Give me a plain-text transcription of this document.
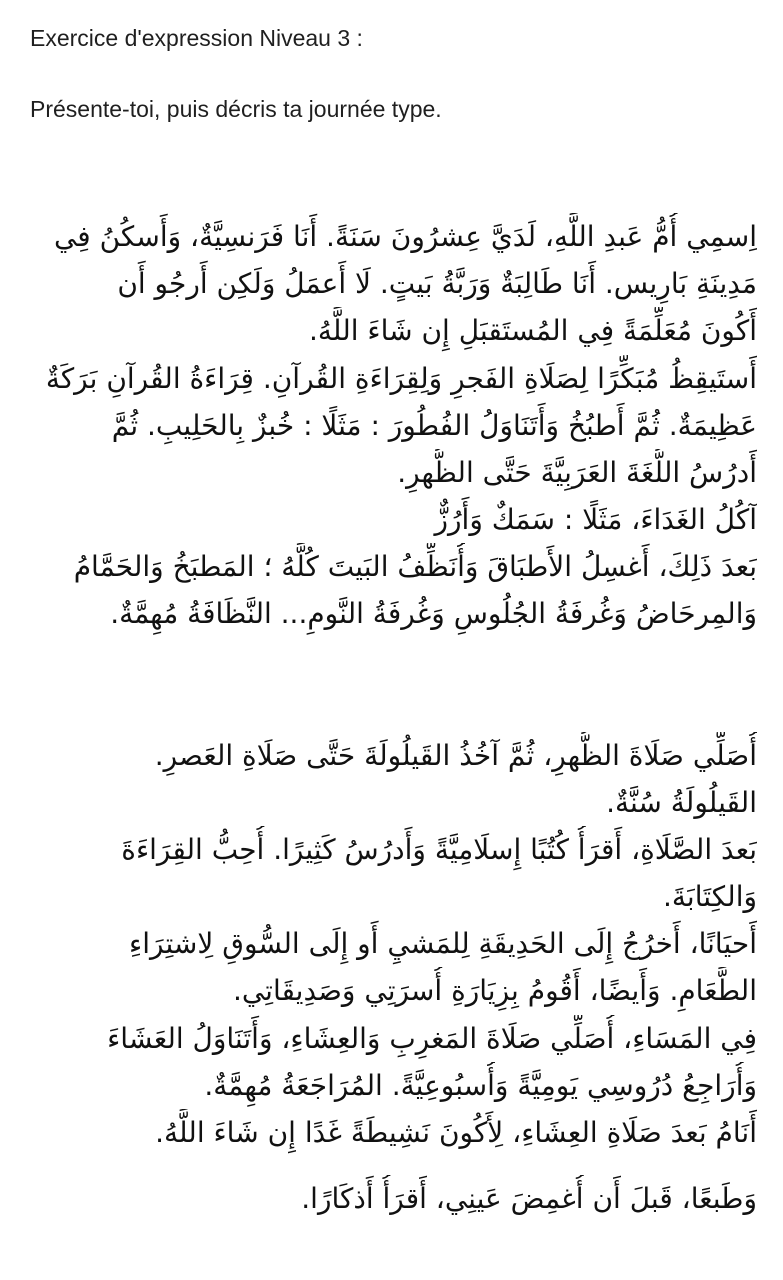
Exercice d'expression Niveau 3 :
Présente-toi, puis décris ta journée type.
اِسمِي أُمُّ عَبدِ اللَّهِ، لَدَيَّ عِشرُونَ سَنَةً. أَنَا فَرَنسِيَّةٌ، وَأَسكُنُ فِي
مَدِينَةِ بَارِيس. أَنَا طَالِبَةٌ وَرَبَّةُ بَيتٍ. لَا أَعمَلُ وَلَكِن أَرجُو أَن
أَكُونَ مُعَلِّمَةً فِي المُستَقبَلِ إِن شَاءَ اللَّهُ.
أَستَيقِظُ مُبَكِّرًا لِصَلَاةِ الفَجرِ وَلِقِرَاءَةِ القُرآنِ. قِرَاءَةُ القُرآنِ بَرَكَةٌ
عَظِيمَةٌ. ثُمَّ أَطبُخُ وَأَتَنَاوَلُ الفُطُورَ : مَثَلًا : خُبزٌ بِالحَلِيبِ. ثُمَّ
أَدرُسُ اللُّغَةَ العَرَبِيَّةَ حَتَّى الظُّهرِ.
آكُلُ الغَدَاءَ، مَثَلًا : سَمَكٌ وَأَرُزٌّ
بَعدَ ذَلِكَ، أَغسِلُ الأَطبَاقَ وَأُنَظِّفُ البَيتَ كُلَّهُ ؛ المَطبَخُ وَالحَمَّامُ
وَالمِرحَاضُ وَغُرفَةُ الجُلُوسِ وَغُرفَةُ النَّومِ... النَّظَافَةُ مُهِمَّةٌ.
أُصَلِّي صَلَاةَ الظُّهرِ، ثُمَّ آخُذُ القَيلُولَةَ حَتَّى صَلَاةِ العَصرِ.
القَيلُولَةُ سُنَّةٌ.
بَعدَ الصَّلَاةِ، أَقرَأُ كُتُبًا إِسلَامِيَّةً وَأَدرُسُ كَثِيرًا. أُحِبُّ القِرَاءَةَ
وَالكِتَابَةَ.
أَحيَانًا، أَخرُجُ إِلَى الحَدِيقَةِ لِلمَشيِ أَو إِلَى السُّوقِ لِاشتِرَاءِ
الطَّعَامِ. وَأَيضًا، أَقُومُ بِزِيَارَةِ أُسرَتِي وَصَدِيقَاتِي.
فِي المَسَاءِ، أُصَلِّي صَلَاةَ المَغرِبِ وَالعِشَاءِ، وَأَتَنَاوَلُ العَشَاءَ
وَأُرَاجِعُ دُرُوسِي يَومِيَّةً وَأُسبُوعِيَّةً. المُرَاجَعَةُ مُهِمَّةٌ.
أَنَامُ بَعدَ صَلَاةِ العِشَاءِ، لِأَكُونَ نَشِيطَةً غَدًا إِن شَاءَ اللَّهُ.
وَطَبعًا، قَبلَ أَن أُغمِضَ عَينِي، أَقرَأُ أَذكَارًا.
